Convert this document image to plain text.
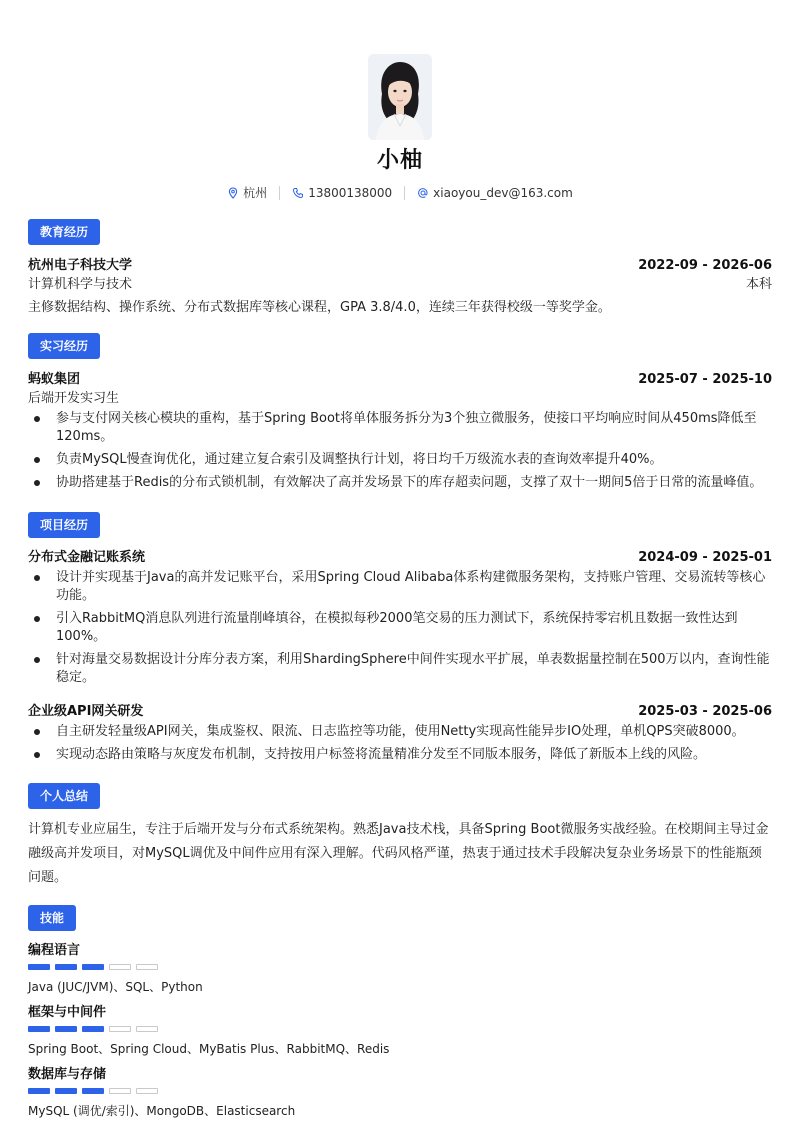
小柚
杭州	13800138000	xiaoyou_dev@163.com
教育经历
杭州电子科技大学	2022-09 - 2026-06
计算机科学与技术	本科
主修数据结构、操作系统、分布式数据库等核心课程，GPA 3.8/4.0，连续三年获得校级一等奖学金。
实习经历
蚂蚁集团	2025-07 - 2025-10
后端开发实习生
参与支付网关核心模块的重构，基于Spring Boot将单体服务拆分为3个独立微服务，使接口平均响应时间从450ms降低至120ms。
负责MySQL慢查询优化，通过建立复合索引及调整执行计划，将日均千万级流水表的查询效率提升40%。
协助搭建基于Redis的分布式锁机制，有效解决了高并发场景下的库存超卖问题，支撑了双十一期间5倍于日常的流量峰值。
项目经历
分布式金融记账系统	2024-09 - 2025-01
设计并实现基于Java的高并发记账平台，采用Spring Cloud Alibaba体系构建微服务架构，支持账户管理、交易流转等核心功能。
引入RabbitMQ消息队列进行流量削峰填谷，在模拟每秒2000笔交易的压力测试下，系统保持零宕机且数据一致性达到100%。
针对海量交易数据设计分库分表方案，利用ShardingSphere中间件实现水平扩展，单表数据量控制在500万以内，查询性能稳定。
企业级API网关研发	2025-03 - 2025-06
自主研发轻量级API网关，集成鉴权、限流、日志监控等功能，使用Netty实现高性能异步IO处理，单机QPS突破8000。
实现动态路由策略与灰度发布机制，支持按用户标签将流量精准分发至不同版本服务，降低了新版本上线的风险。
个人总结
计算机专业应届生，专注于后端开发与分布式系统架构。熟悉Java技术栈，具备Spring Boot微服务实战经验。在校期间主导过金融级高并发项目，对MySQL调优及中间件应用有深入理解。代码风格严谨，热衷于通过技术手段解决复杂业务场景下的性能瓶颈问题。
技能
编程语言
Java (JUC/JVM)、SQL、Python
框架与中间件
Spring Boot、Spring Cloud、MyBatis Plus、RabbitMQ、Redis
数据库与存储
MySQL (调优/索引)、MongoDB、Elasticsearch
